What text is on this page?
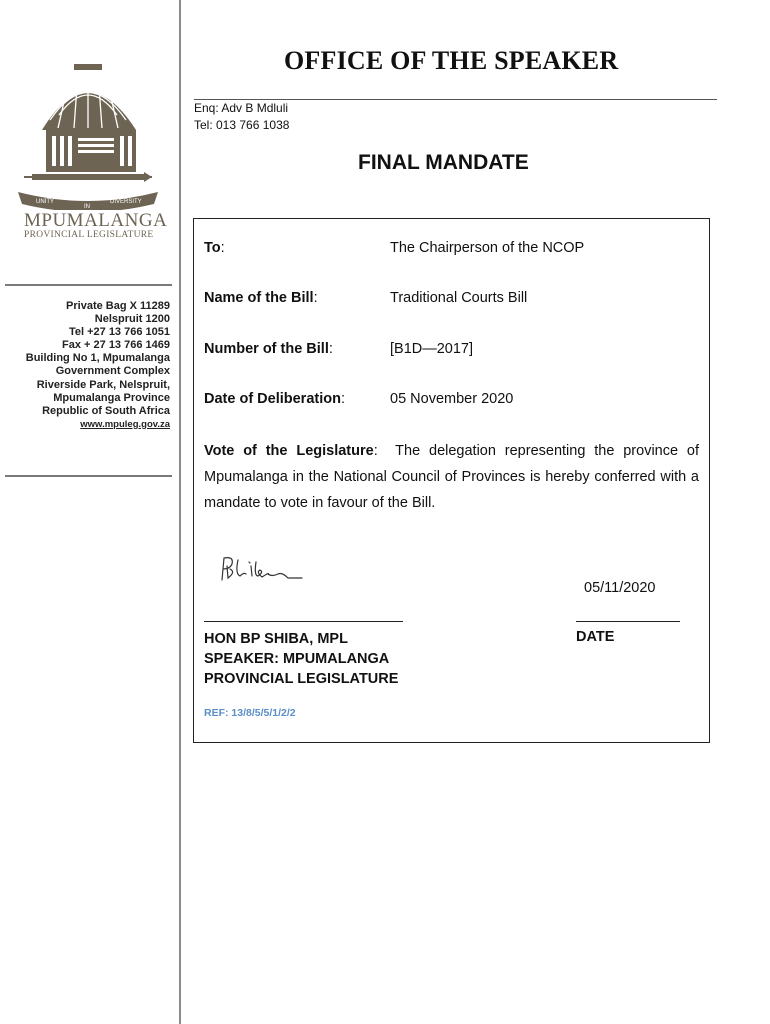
UNITY
IN
DIVERSITY
MPUMALANGA
PROVINCIAL LEGISLATURE
Private Bag X 11289
Nelspruit 1200
Tel +27 13 766 1051
Fax + 27 13 766 1469
Building No 1, Mpumalanga
Government Complex
Riverside Park, Nelspruit,
Mpumalanga Province
Republic of South Africa
www.mpuleg.gov.za
OFFICE OF THE SPEAKER
Enq: Adv B Mdluli
Tel: 013 766 1038
FINAL MANDATE
To:	The Chairperson of the NCOP
Name of the Bill:	Traditional Courts Bill
Number of the Bill:	[B1D—2017]
Date of Deliberation:	05 November 2020
Vote of the Legislature:  The delegation representing the province of Mpumalanga in the National Council of Provinces is hereby conferred with a mandate to vote in favour of the Bill.
05/11/2020
HON BP SHIBA, MPL
SPEAKER: MPUMALANGA
PROVINCIAL LEGISLATURE
DATE
REF: 13/8/5/5/1/2/2
